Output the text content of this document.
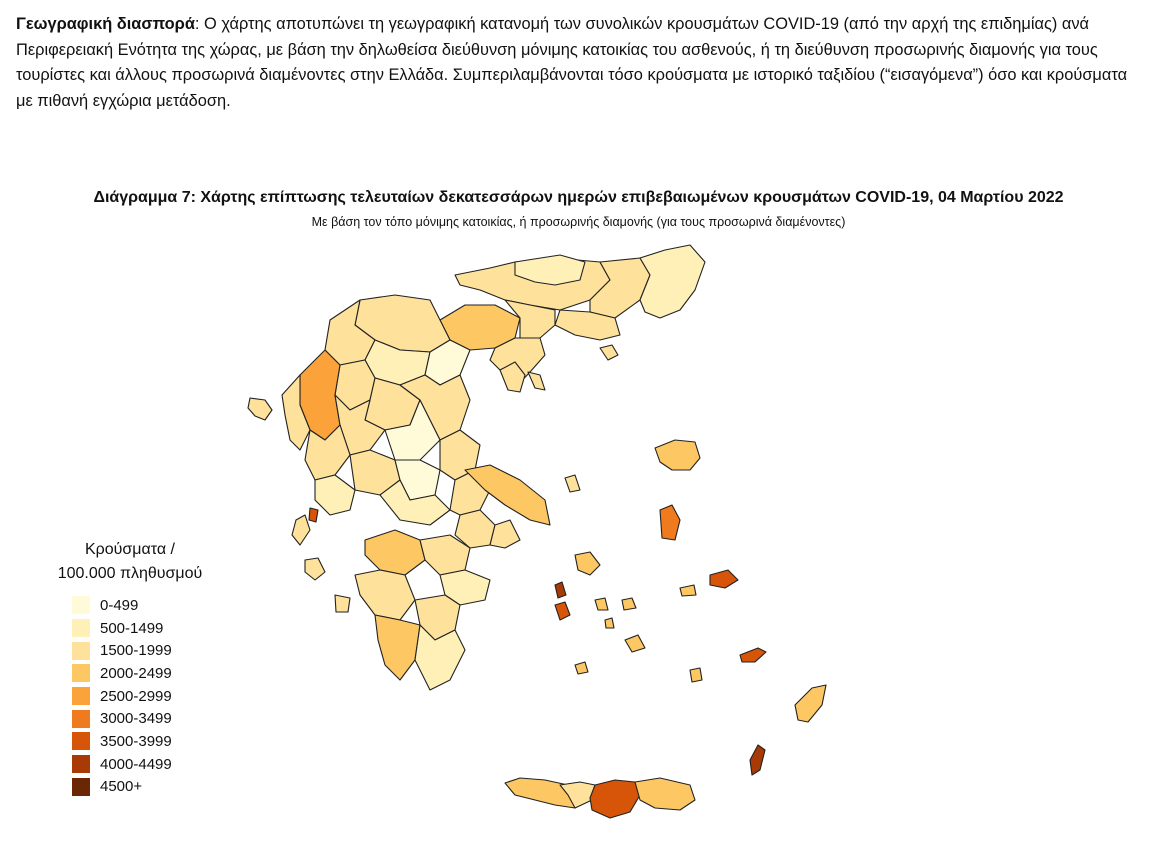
Γεωγραφική διασπορά: Ο χάρτης αποτυπώνει τη γεωγραφική κατανομή των συνολικών κρουσμάτων COVID-19 (από την αρχή της επιδημίας) ανά Περιφερειακή Ενότητα της χώρας, με βάση την δηλωθείσα διεύθυνση μόνιμης κατοικίας του ασθενούς, ή τη διεύθυνση προσωρινής διαμονής για τους τουρίστες και άλλους προσωρινά διαμένοντες στην Ελλάδα. Συμπεριλαμβάνονται τόσο κρούσματα με ιστορικό ταξιδίου (“εισαγόμενα”) όσο και κρούσματα με πιθανή εγχώρια μετάδοση.
Διάγραμμα 7: Χάρτης επίπτωσης τελευταίων δεκατεσσάρων ημερών επιβεβαιωμένων κρουσμάτων COVID-19, 04 Μαρτίου 2022
Με βάση τον τόπο μόνιμης κατοικίας, ή προσωρινής διαμονής (για τους προσωρινά διαμένοντες)
Κρούσματα /
100.000 πληθυσμού
0-499
500-1499
1500-1999
2000-2499
2500-2999
3000-3499
3500-3999
4000-4499
4500+
